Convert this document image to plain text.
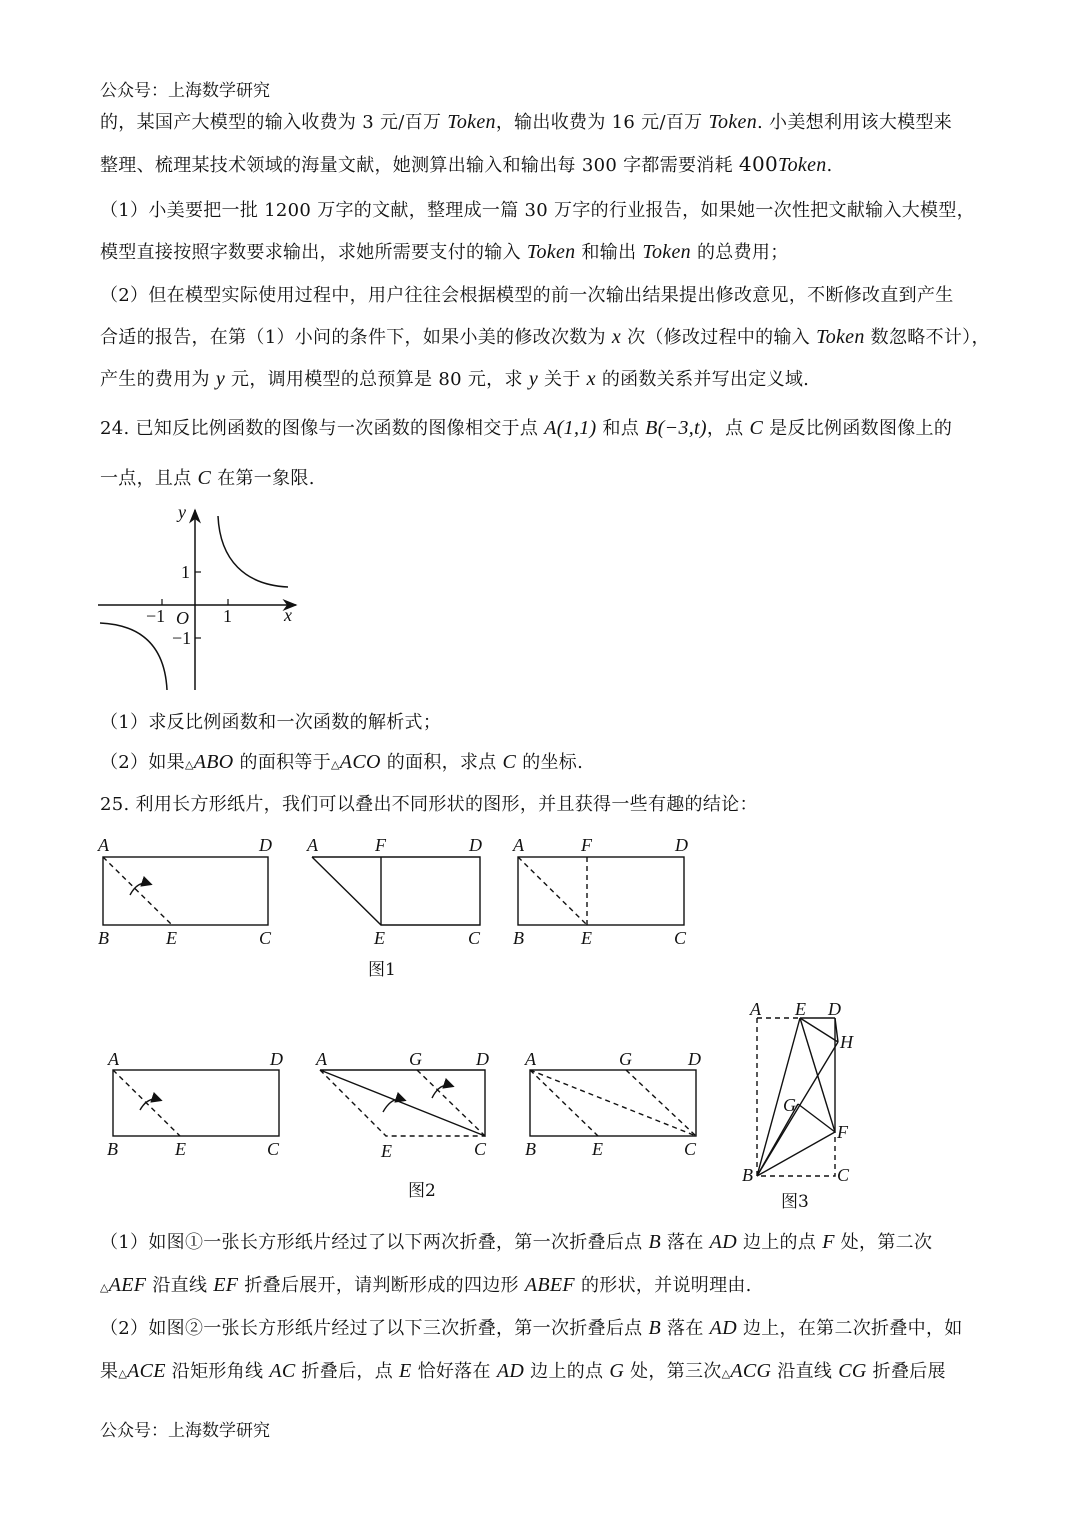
公众号：上海数学研究
的，某国产大模型的输入收费为 3 元/百万 Token，输出收费为 16 元/百万 Token. 小美想利用该大模型来
整理、梳理某技术领域的海量文献，她测算出输入和输出每 300 字都需要消耗 400Token.
（1）小美要把一批 1200 万字的文献，整理成一篇 30 万字的行业报告，如果她一次性把文献输入大模型，
模型直接按照字数要求输出，求她所需要支付的输入 Token 和输出 Token 的总费用；
（2）但在模型实际使用过程中，用户往往会根据模型的前一次输出结果提出修改意见，不断修改直到产生
合适的报告，在第（1）小问的条件下，如果小美的修改次数为 x 次（修改过程中的输入 Token 数忽略不计），
产生的费用为 y 元，调用模型的总预算是 80 元，求 y 关于 x 的函数关系并写出定义域.
24. 已知反比例函数的图像与一次函数的图像相交于点 A(1,1) 和点 B(−3,t)，点 C 是反比例函数图像上的
一点，且点 C 在第一象限.
y
x
O 1
−1
1
−1
（1）求反比例函数和一次函数的解析式；
（2）如果△ABO 的面积等于△ACO 的面积，求点 C 的坐标.
25. 利用长方形纸片，我们可以叠出不同形状的图形，并且获得一些有趣的结论：
A	D
B	E	C
A	F	D
E	C
图1
A	F	D
B	E	C
A	D
B	E	C
A	G	D
E	C
图2
A	G	D
B	E	C
A E D
H
G
F
B	C
图3
（1）如图①一张长方形纸片经过了以下两次折叠，第一次折叠后点 B 落在 AD 边上的点 F 处，第二次
△AEF 沿直线 EF 折叠后展开，请判断形成的四边形 ABEF 的形状，并说明理由.
（2）如图②一张长方形纸片经过了以下三次折叠，第一次折叠后点 B 落在 AD 边上，在第二次折叠中，如
果△ACE 沿矩形角线 AC 折叠后，点 E 恰好落在 AD 边上的点 G 处，第三次△ACG 沿直线 CG 折叠后展
公众号：上海数学研究
